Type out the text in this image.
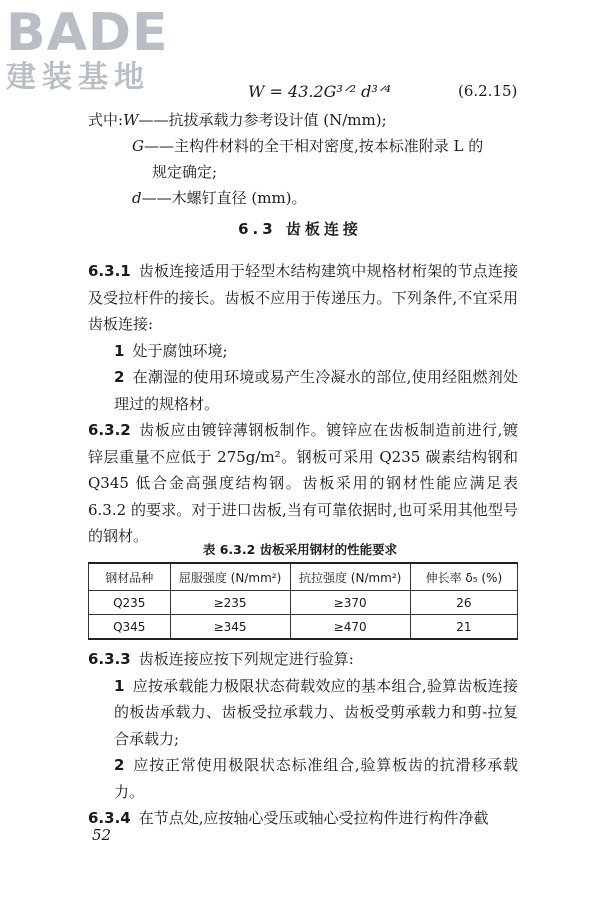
BADE
建装基地	W = 43.2G³ᐟ² d³ᐟ⁴	(6.2.15)
式中:W——抗拔承载力参考设计值 (N/mm);
G——主构件材料的全干相对密度,按本标准附录 L 的
规定确定;
d——木螺钉直径 (mm)。
6.3 齿板连接

6.3.1 齿板连接适用于轻型木结构建筑中规格材桁架的节点连接及受拉杆件的接长。齿板不应用于传递压力。下列条件,不宜采用齿板连接:

1 处于腐蚀环境;

2 在潮湿的使用环境或易产生冷凝水的部位,使用经阻燃剂处理过的规格材。

6.3.2 齿板应由镀锌薄钢板制作。镀锌应在齿板制造前进行,镀锌层重量不应低于 275g/m²。钢板可采用 Q235 碳素结构钢和 Q345 低合金高强度结构钢。齿板采用的钢材性能应满足表 6.3.2 的要求。对于进口齿板,当有可靠依据时,也可采用其他型号的钢材。

表 6.3.2 齿板采用钢材的性能要求
钢材品种	屈服强度 (N/mm²)	抗拉强度 (N/mm²)	伸长率 δ₅ (%)
Q235	≥235	≥370	26
Q345	≥345	≥470	21

6.3.3 齿板连接应按下列规定进行验算:

1 应按承载能力极限状态荷载效应的基本组合,验算齿板连接的板齿承载力、齿板受拉承载力、齿板受剪承载力和剪-拉复合承载力;

2 应按正常使用极限状态标准组合,验算板齿的抗滑移承载力。

6.3.4 在节点处,应按轴心受压或轴心受拉构件进行构件净截

52
